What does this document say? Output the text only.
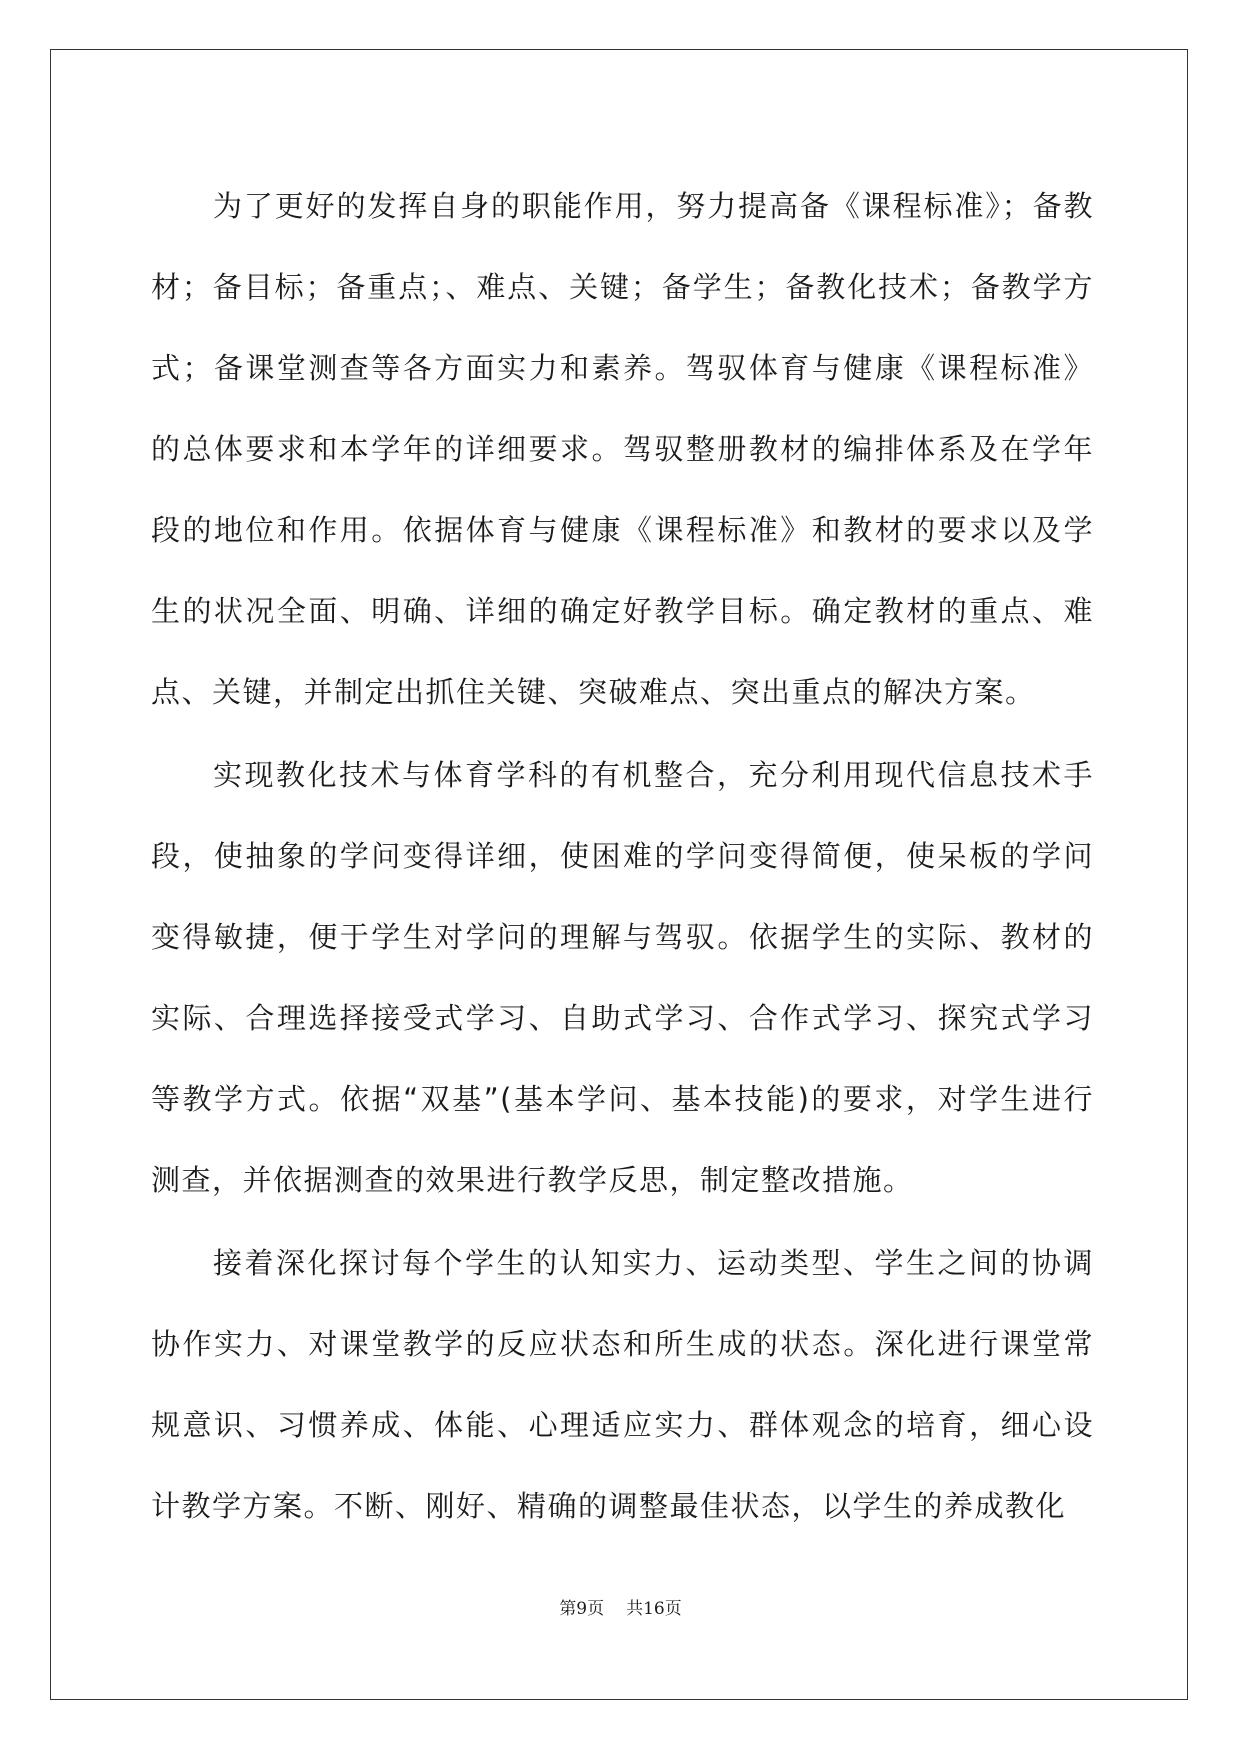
为了更好的发挥自身的职能作用，努力提高备《课程标准》；备教材；备目标；备重点；、难点、关键；备学生；备教化技术；备教学方式；备课堂测查等各方面实力和素养。驾驭体育与健康《课程标准》的总体要求和本学年的详细要求。驾驭整册教材的编排体系及在学年段的地位和作用。依据体育与健康《课程标准》和教材的要求以及学生的状况全面、明确、详细的确定好教学目标。确定教材的重点、难点、关键，并制定出抓住关键、突破难点、突出重点的解决方案。

实现教化技术与体育学科的有机整合，充分利用现代信息技术手段，使抽象的学问变得详细，使困难的学问变得简便，使呆板的学问变得敏捷，便于学生对学问的理解与驾驭。依据学生的实际、教材的实际、合理选择接受式学习、自助式学习、合作式学习、探究式学习等教学方式。依据“双基”(基本学问、基本技能)的要求，对学生进行测查，并依据测查的效果进行教学反思，制定整改措施。

接着深化探讨每个学生的认知实力、运动类型、学生之间的协调协作实力、对课堂教学的反应状态和所生成的状态。深化进行课堂常规意识、习惯养成、体能、心理适应实力、群体观念的培育，细心设计教学方案。不断、刚好、精确的调整最佳状态，以学生的养成教化

第9页 共16页
